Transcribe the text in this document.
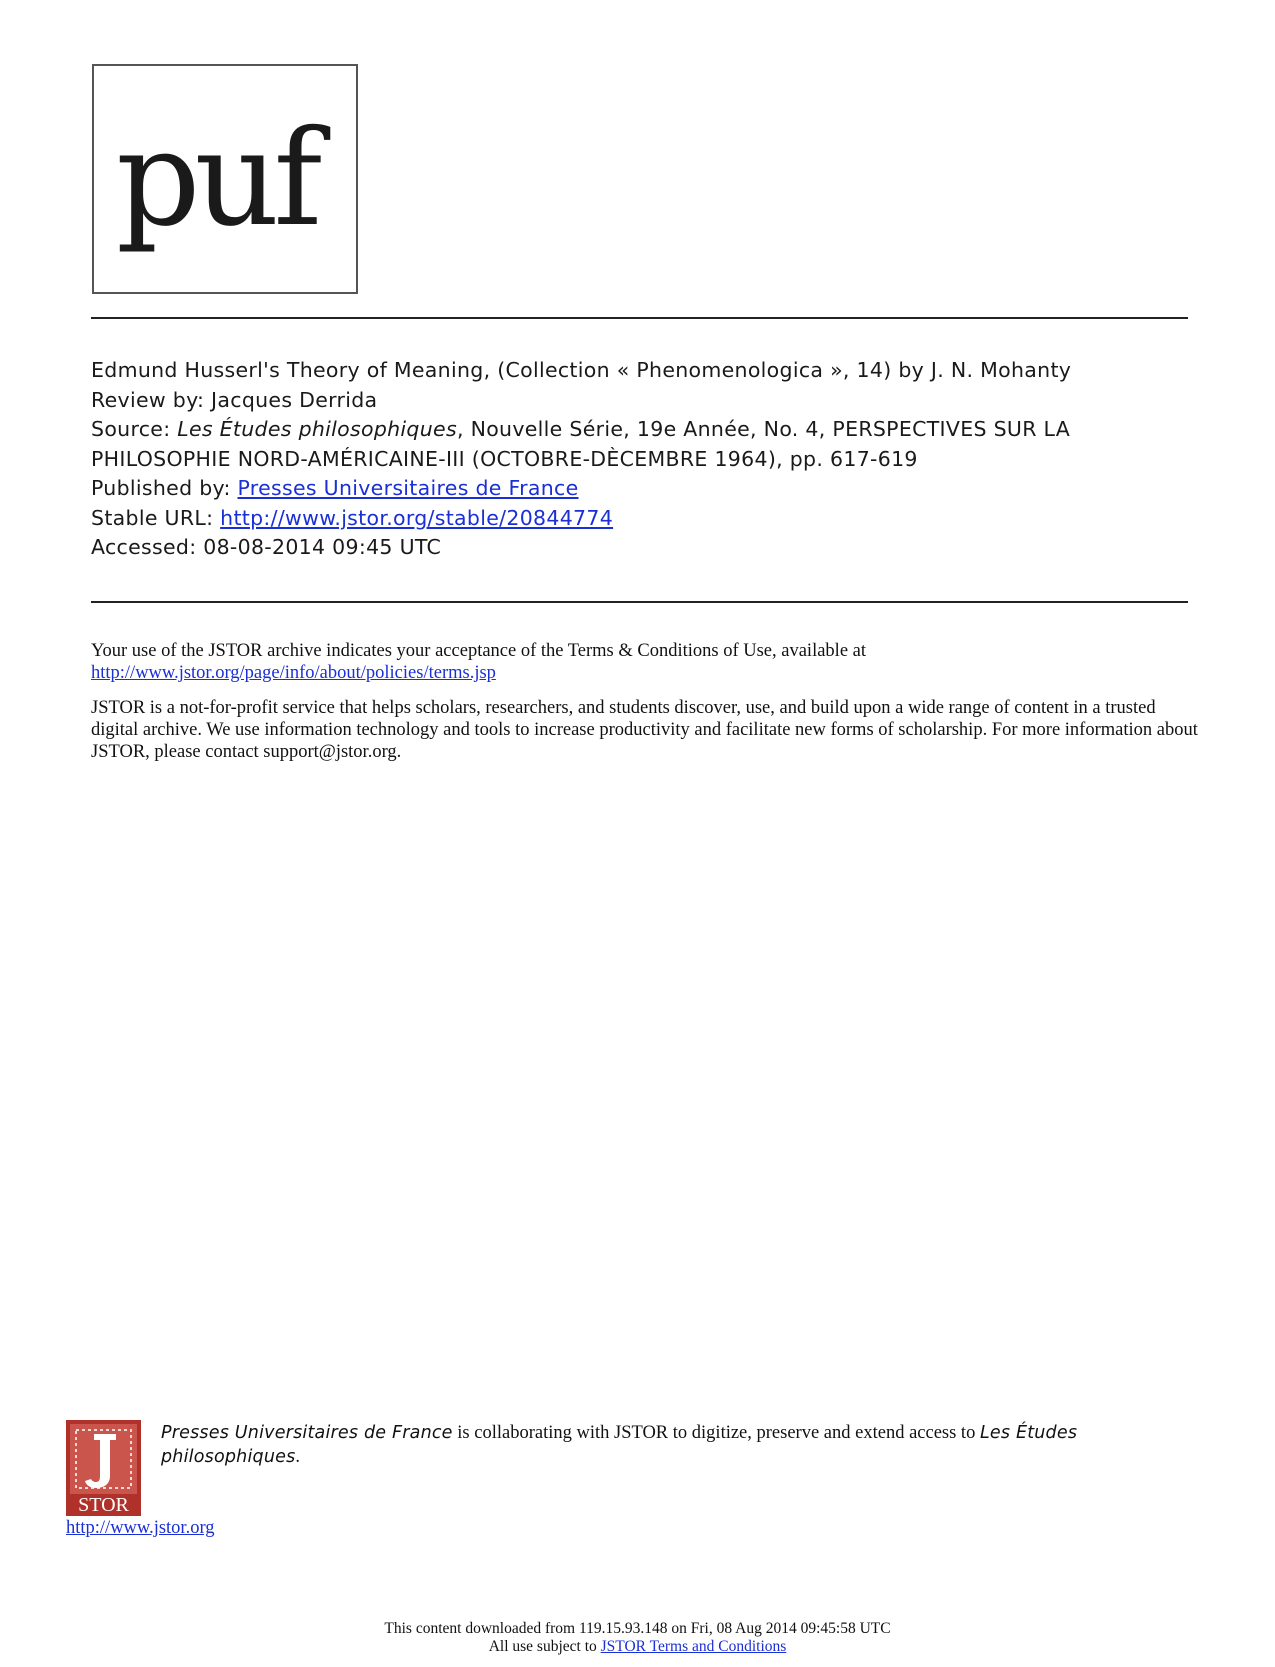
puf
Edmund Husserl's Theory of Meaning, (Collection « Phenomenologica », 14) by J. N. Mohanty
Review by: Jacques Derrida
Source: Les Études philosophiques, Nouvelle Série, 19e Année, No. 4, PERSPECTIVES SUR LA
PHILOSOPHIE NORD-AMÉRICAINE-III (OCTOBRE-DÈCEMBRE 1964), pp. 617-619
Published by: Presses Universitaires de France
Stable URL: http://www.jstor.org/stable/20844774
Accessed: 08-08-2014 09:45 UTC

Your use of the JSTOR archive indicates your acceptance of the Terms & Conditions of Use, available at
http://www.jstor.org/page/info/about/policies/terms.jsp

JSTOR is a not-for-profit service that helps scholars, researchers, and students discover, use, and build upon a wide range of content in a trusted digital archive. We use information technology and tools to increase productivity and facilitate new forms of scholarship. For more information about JSTOR, please contact support@jstor.org.

STOR
Presses Universitaires de France is collaborating with JSTOR to digitize, preserve and extend access to Les Études philosophiques.
http://www.jstor.org
This content downloaded from 119.15.93.148 on Fri, 08 Aug 2014 09:45:58 UTC
All use subject to JSTOR Terms and Conditions
